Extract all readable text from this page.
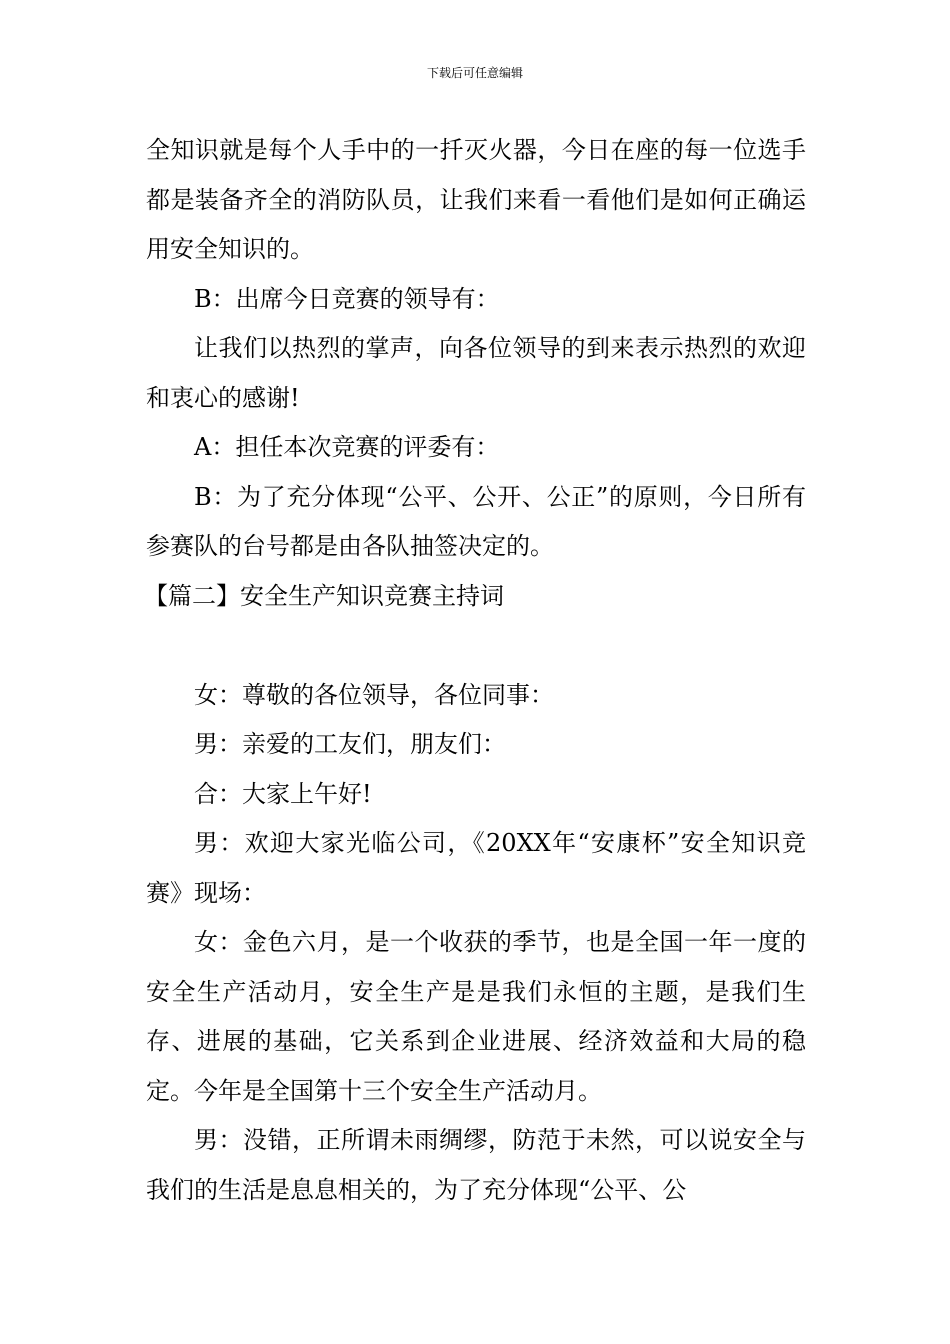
下载后可任意编辑

全知识就是每个人手中的一扦灭火器，今日在座的每一位选手都是装备齐全的消防队员，让我们来看一看他们是如何正确运用安全知识的。

B：出席今日竞赛的领导有：

让我们以热烈的掌声，向各位领导的到来表示热烈的欢迎和衷心的感谢!

A：担任本次竞赛的评委有：

B：为了充分体现“公平、公开、公正”的原则，今日所有参赛队的台号都是由各队抽签决定的。

【篇二】安全生产知识竞赛主持词

女：尊敬的各位领导，各位同事：

男：亲爱的工友们，朋友们：

合：大家上午好!

男：欢迎大家光临公司，《20XX年“安康杯”安全知识竞赛》现场：

女：金色六月，是一个收获的季节，也是全国一年一度的安全生产活动月，安全生产是是我们永恒的主题，是我们生存、进展的基础，它关系到企业进展、经济效益和大局的稳定。今年是全国第十三个安全生产活动月。

男：没错，正所谓未雨绸缪，防范于未然，可以说安全与我们的生活是息息相关的，为了充分体现“公平、公
